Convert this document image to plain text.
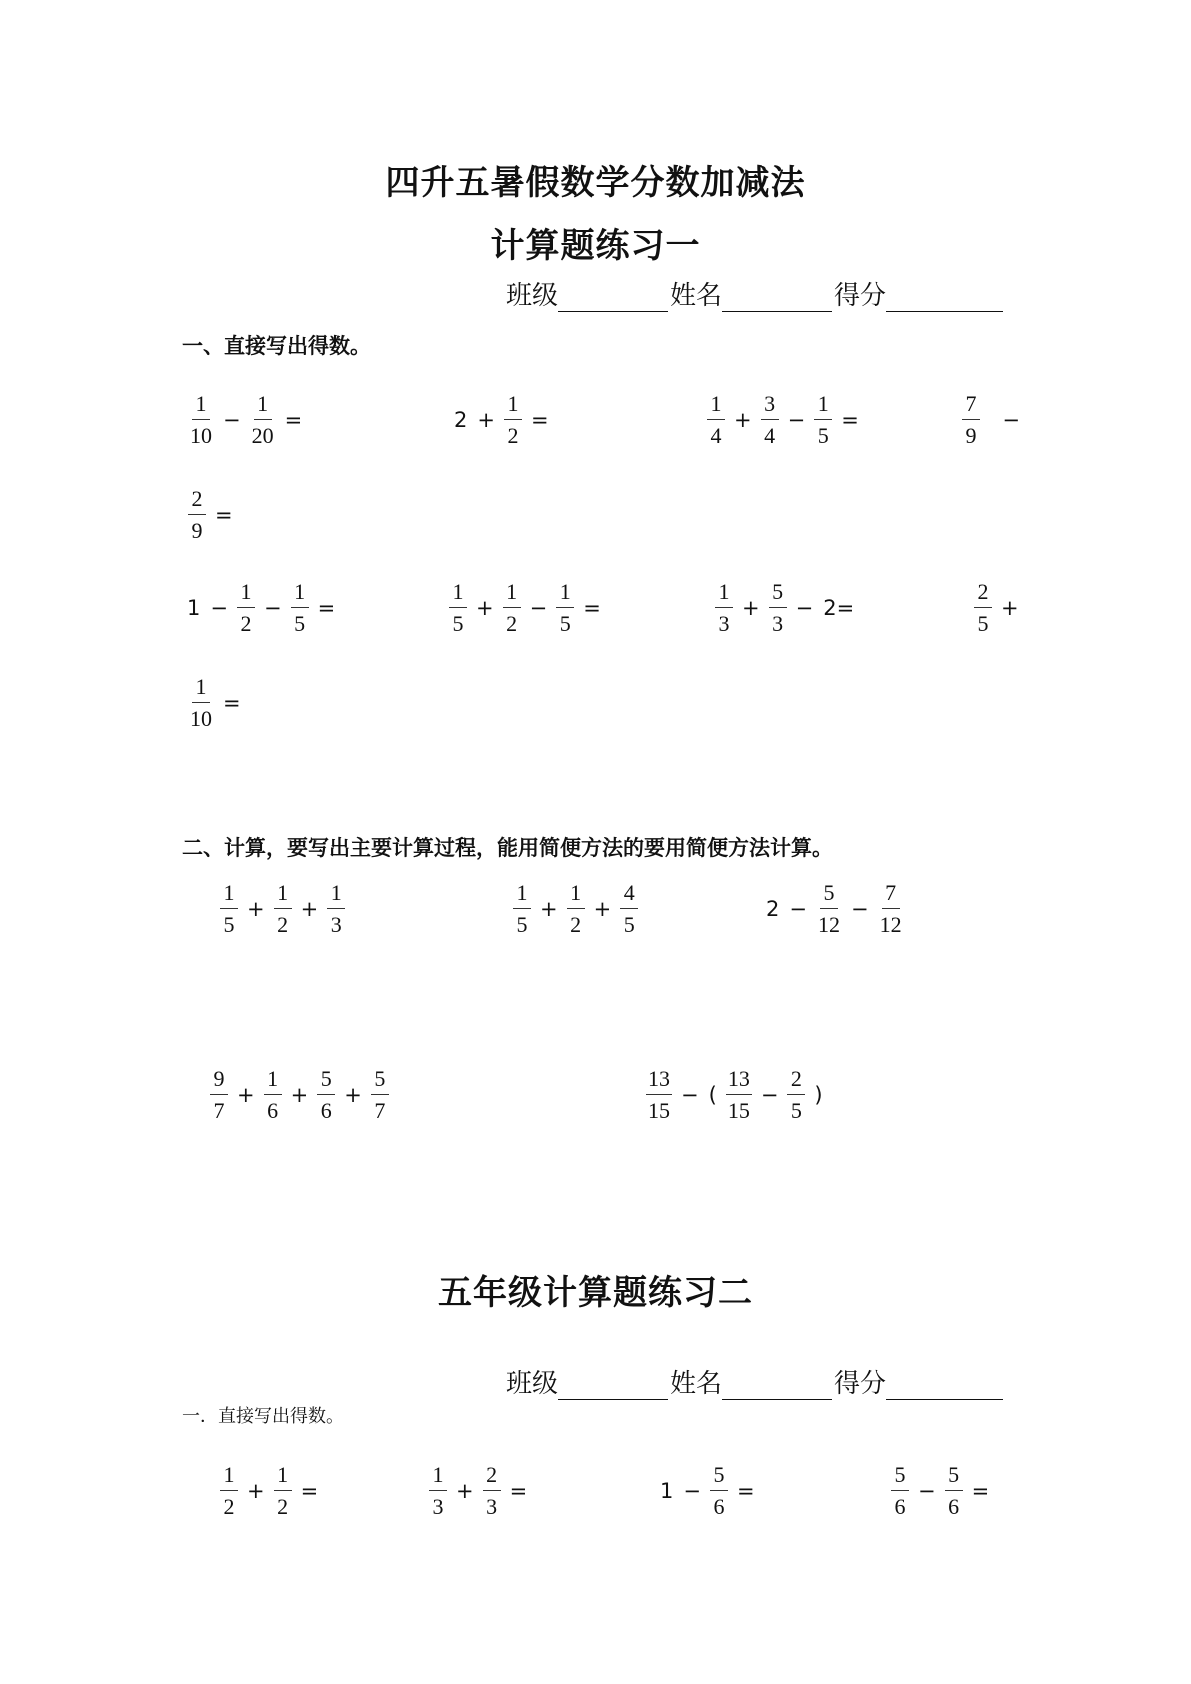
四升五暑假数学分数加减法
计算题练习一
班级	姓名	得分
一、直接写出得数。
$\frac{1}{10} - \frac{1}{20}$ =	$2 + \frac{1}{2}$ =	$\frac{1}{4} + \frac{3}{4} - \frac{1}{5}$ =	$\frac{7}{9}$ −
$\frac{2}{9}$ =
$1 - \frac{1}{2} - \frac{1}{5}$ =	$\frac{1}{5} + \frac{1}{2} - \frac{1}{5}$ =	$\frac{1}{3} + \frac{5}{3} - 2=$	$\frac{2}{5}$ +
$\frac{1}{10}$ =
二、计算，要写出主要计算过程，能用简便方法的要用简便方法计算。
$\frac{1}{5} + \frac{1}{2} + \frac{1}{3}$	$\frac{1}{5} + \frac{1}{2} + \frac{4}{5}$	$2 - \frac{5}{12} - \frac{7}{12}$
$\frac{9}{7} + \frac{1}{6} + \frac{5}{6} + \frac{5}{7}$	$\frac{13}{15}$ − ( $\frac{13}{15} - \frac{2}{5}$ )
五年级计算题练习二
班级	姓名	得分
一．直接写出得数。
$\frac{1}{2} + \frac{1}{2}$ =	$\frac{1}{3} + \frac{2}{3}$ =	$1 - \frac{5}{6}$ =	$\frac{5}{6} - \frac{5}{6}$ =
